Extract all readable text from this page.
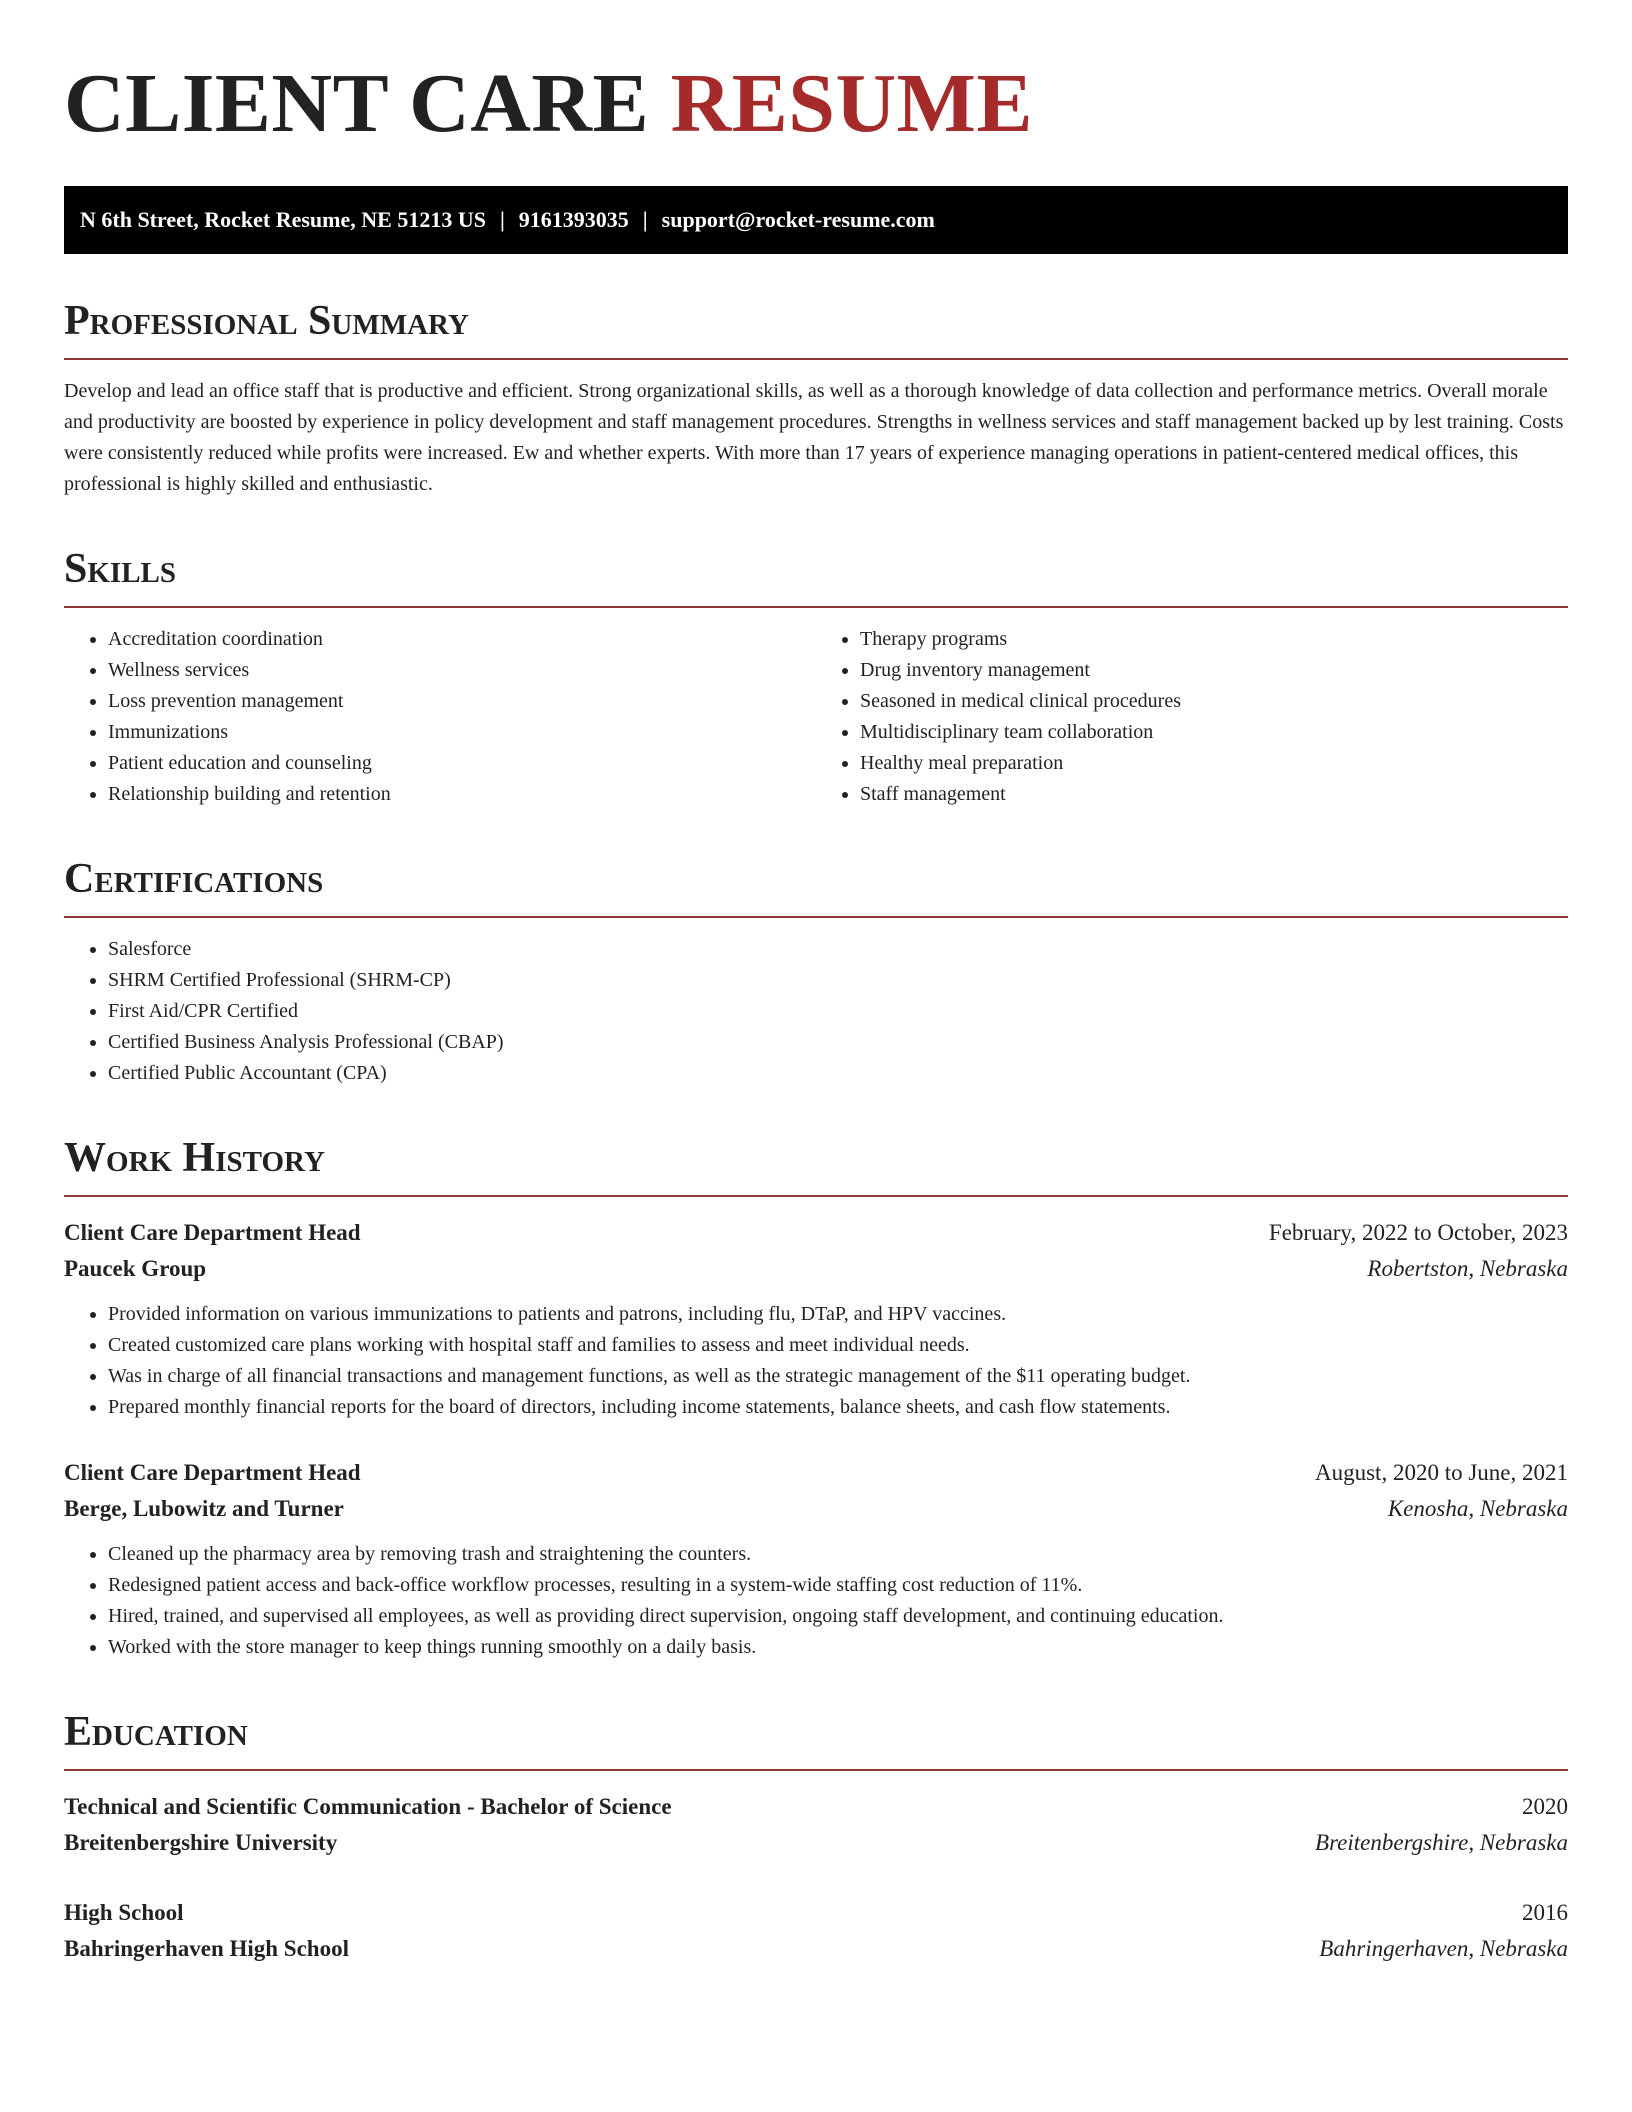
CLIENT CARE RESUME
N 6th Street, Rocket Resume, NE 51213 US | 9161393035 | support@rocket-resume.com
Professional Summary

Develop and lead an office staff that is productive and efficient. Strong organizational skills, as well as a thorough knowledge of data collection and performance metrics. Overall morale and productivity are boosted by experience in policy development and staff management procedures. Strengths in wellness services and staff management backed up by lest training. Costs were consistently reduced while profits were increased. Ew and whether experts. With more than 17 years of experience managing operations in patient-centered medical offices, this professional is highly skilled and enthusiastic.

Skills
• Accreditation coordination
• Wellness services
• Loss prevention management
• Immunizations
• Patient education and counseling
• Relationship building and retention
• Therapy programs
• Drug inventory management
• Seasoned in medical clinical procedures
• Multidisciplinary team collaboration
• Healthy meal preparation
• Staff management
Certifications
• Salesforce
• SHRM Certified Professional (SHRM-CP)
• First Aid/CPR Certified
• Certified Business Analysis Professional (CBAP)
• Certified Public Accountant (CPA)
Work History
Client Care Department Head	February, 2022 to October, 2023
Paucek Group	Robertston, Nebraska
• Provided information on various immunizations to patients and patrons, including flu, DTaP, and HPV vaccines.
• Created customized care plans working with hospital staff and families to assess and meet individual needs.
• Was in charge of all financial transactions and management functions, as well as the strategic management of the $11 operating budget.
• Prepared monthly financial reports for the board of directors, including income statements, balance sheets, and cash flow statements.
Client Care Department Head	August, 2020 to June, 2021
Berge, Lubowitz and Turner	Kenosha, Nebraska
• Cleaned up the pharmacy area by removing trash and straightening the counters.
• Redesigned patient access and back-office workflow processes, resulting in a system-wide staffing cost reduction of 11%.
• Hired, trained, and supervised all employees, as well as providing direct supervision, ongoing staff development, and continuing education.
• Worked with the store manager to keep things running smoothly on a daily basis.
Education
Technical and Scientific Communication - Bachelor of Science	2020
Breitenbergshire University	Breitenbergshire, Nebraska
High School	2016
Bahringerhaven High School	Bahringerhaven, Nebraska
